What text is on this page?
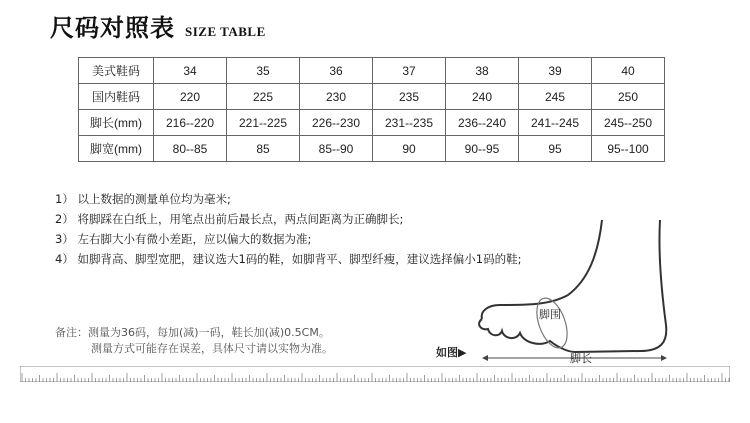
尺码对照表 SIZE TABLE
美式鞋码	34	35	36	37	38	39	40
国内鞋码	220	225	230	235	240	245	250
脚长(mm)	216--220	221--225	226--230	231--235	236--240	241--245	245--250
脚宽(mm)	80--85	85	85--90	90	90--95	95	95--100
1） 以上数据的测量单位均为毫米;
2） 将脚踩在白纸上，用笔点出前后最长点，两点间距离为正确脚长;
3） 左右脚大小有微小差距，应以偏大的数据为准;
4） 如脚背高、脚型宽肥，建议选大1码的鞋，如脚背平、脚型纤瘦，建议选择偏小1码的鞋;
备注：测量为36码，每加(减)一码，鞋长加(减)0.5CM。
测量方式可能存在误差，具体尺寸请以实物为准。	如图▶
脚围
脚长
